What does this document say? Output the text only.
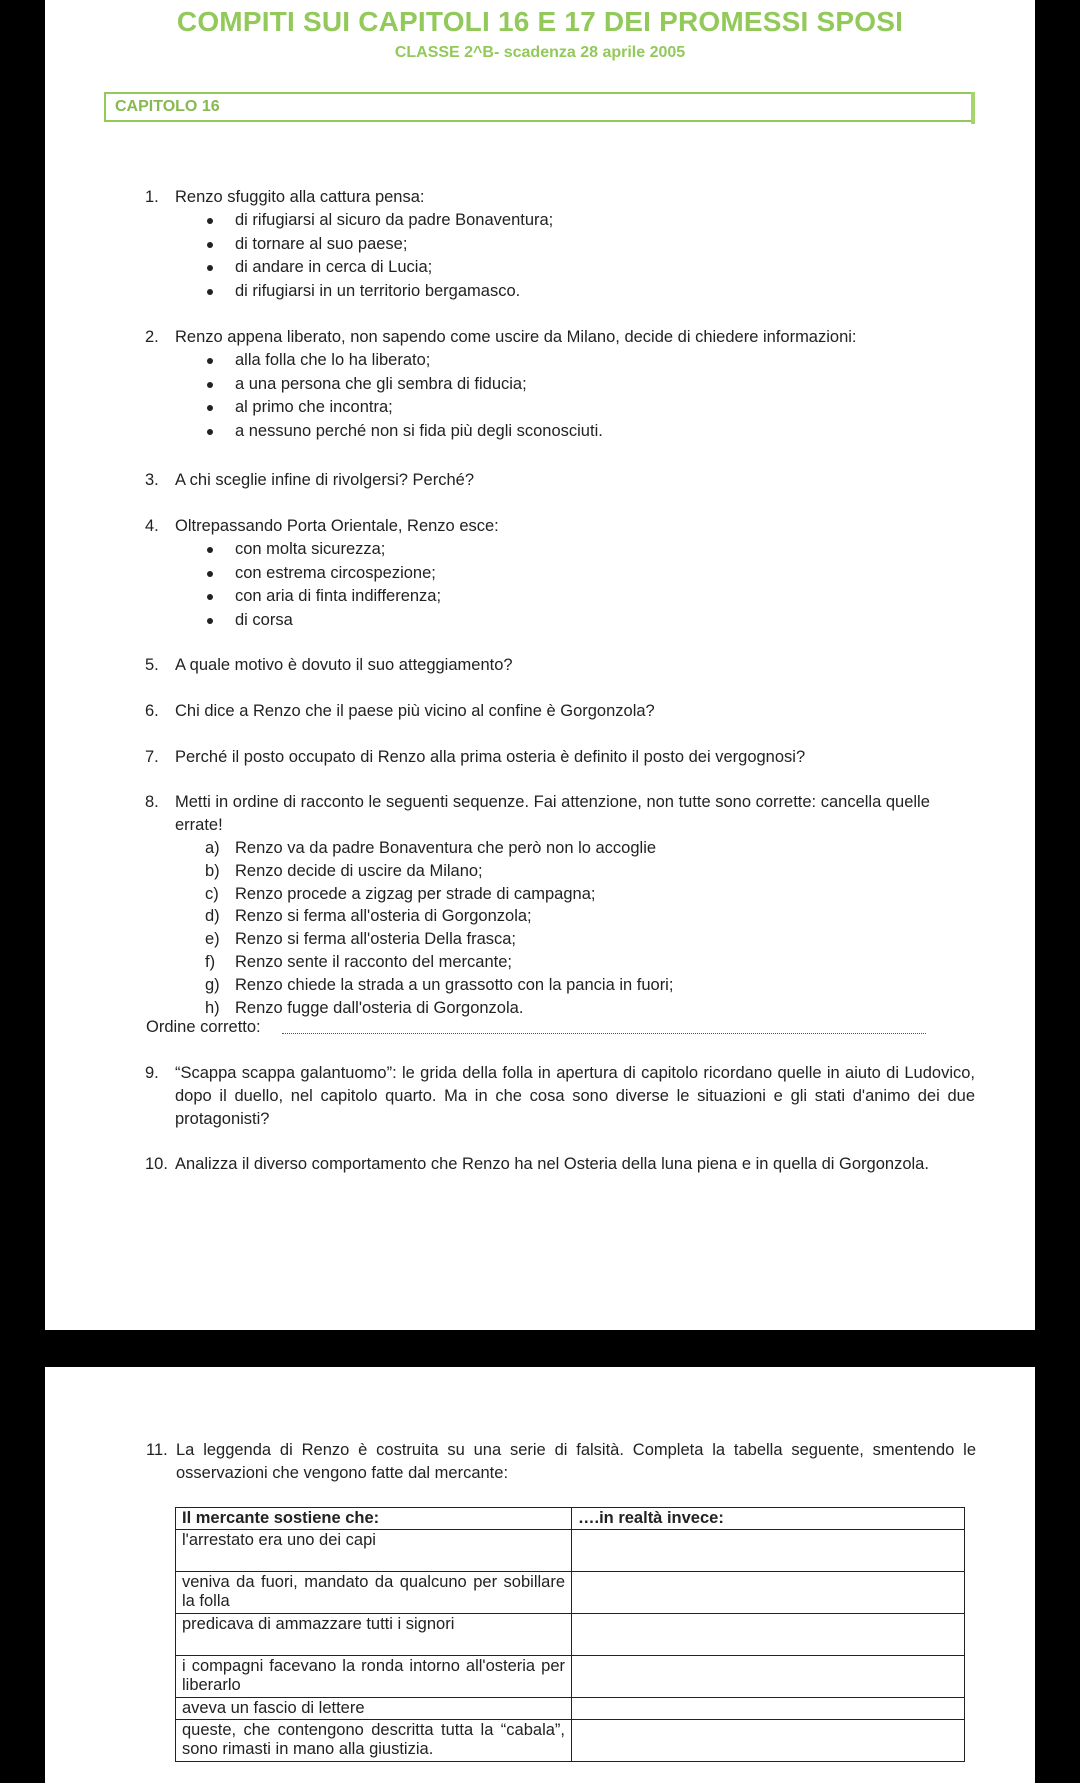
COMPITI SUI CAPITOLI 16 E 17 DEI PROMESSI SPOSI
CLASSE 2^B- scadenza 28 aprile 2005
CAPITOLO 16
1. Renzo sfuggito alla cattura pensa:
di rifugiarsi al sicuro da padre Bonaventura;
di tornare al suo paese;
di andare in cerca di Lucia;
di rifugiarsi in un territorio bergamasco.
2. Renzo appena liberato, non sapendo come uscire da Milano, decide di chiedere informazioni:
alla folla che lo ha liberato;
a una persona che gli sembra di fiducia;
al primo che incontra;
a nessuno perché non si fida più degli sconosciuti.
3. A chi sceglie infine di rivolgersi? Perché?
4. Oltrepassando Porta Orientale, Renzo esce:
con molta sicurezza;
con estrema circospezione;
con aria di finta indifferenza;
di corsa
5. A quale motivo è dovuto il suo atteggiamento?
6. Chi dice a Renzo che il paese più vicino al confine è Gorgonzola?
7. Perché il posto occupato di Renzo alla prima osteria è definito il posto dei vergognosi?
8. Metti in ordine di racconto le seguenti sequenze. Fai attenzione, non tutte sono corrette: cancella quelle errate!
a) Renzo va da padre Bonaventura che però non lo accoglie
b) Renzo decide di uscire da Milano;
c) Renzo procede a zigzag per strade di campagna;
d) Renzo si ferma all'osteria di Gorgonzola;
e) Renzo si ferma all'osteria Della frasca;
f) Renzo sente il racconto del mercante;
g) Renzo chiede la strada a un grassotto con la pancia in fuori;
h) Renzo fugge dall'osteria di Gorgonzola.
Ordine corretto:
9. “Scappa scappa galantuomo”: le grida della folla in apertura di capitolo ricordano quelle in aiuto di Ludovico, dopo il duello, nel capitolo quarto. Ma in che cosa sono diverse le situazioni e gli stati d'animo dei due protagonisti?
10. Analizza il diverso comportamento che Renzo ha nel Osteria della luna piena e in quella di Gorgonzola.
11. La leggenda di Renzo è costruita su una serie di falsità. Completa la tabella seguente, smentendo le osservazioni che vengono fatte dal mercante:
Il mercante sostiene che:	….in realtà invece:
l'arrestato era uno dei capi	
veniva da fuori, mandato da qualcuno per sobillare la folla	
predicava di ammazzare tutti i signori	
i compagni facevano la ronda intorno all'osteria per liberarlo	
aveva un fascio di lettere	
queste, che contengono descritta tutta la “cabala”, sono rimasti in mano alla giustizia.	
